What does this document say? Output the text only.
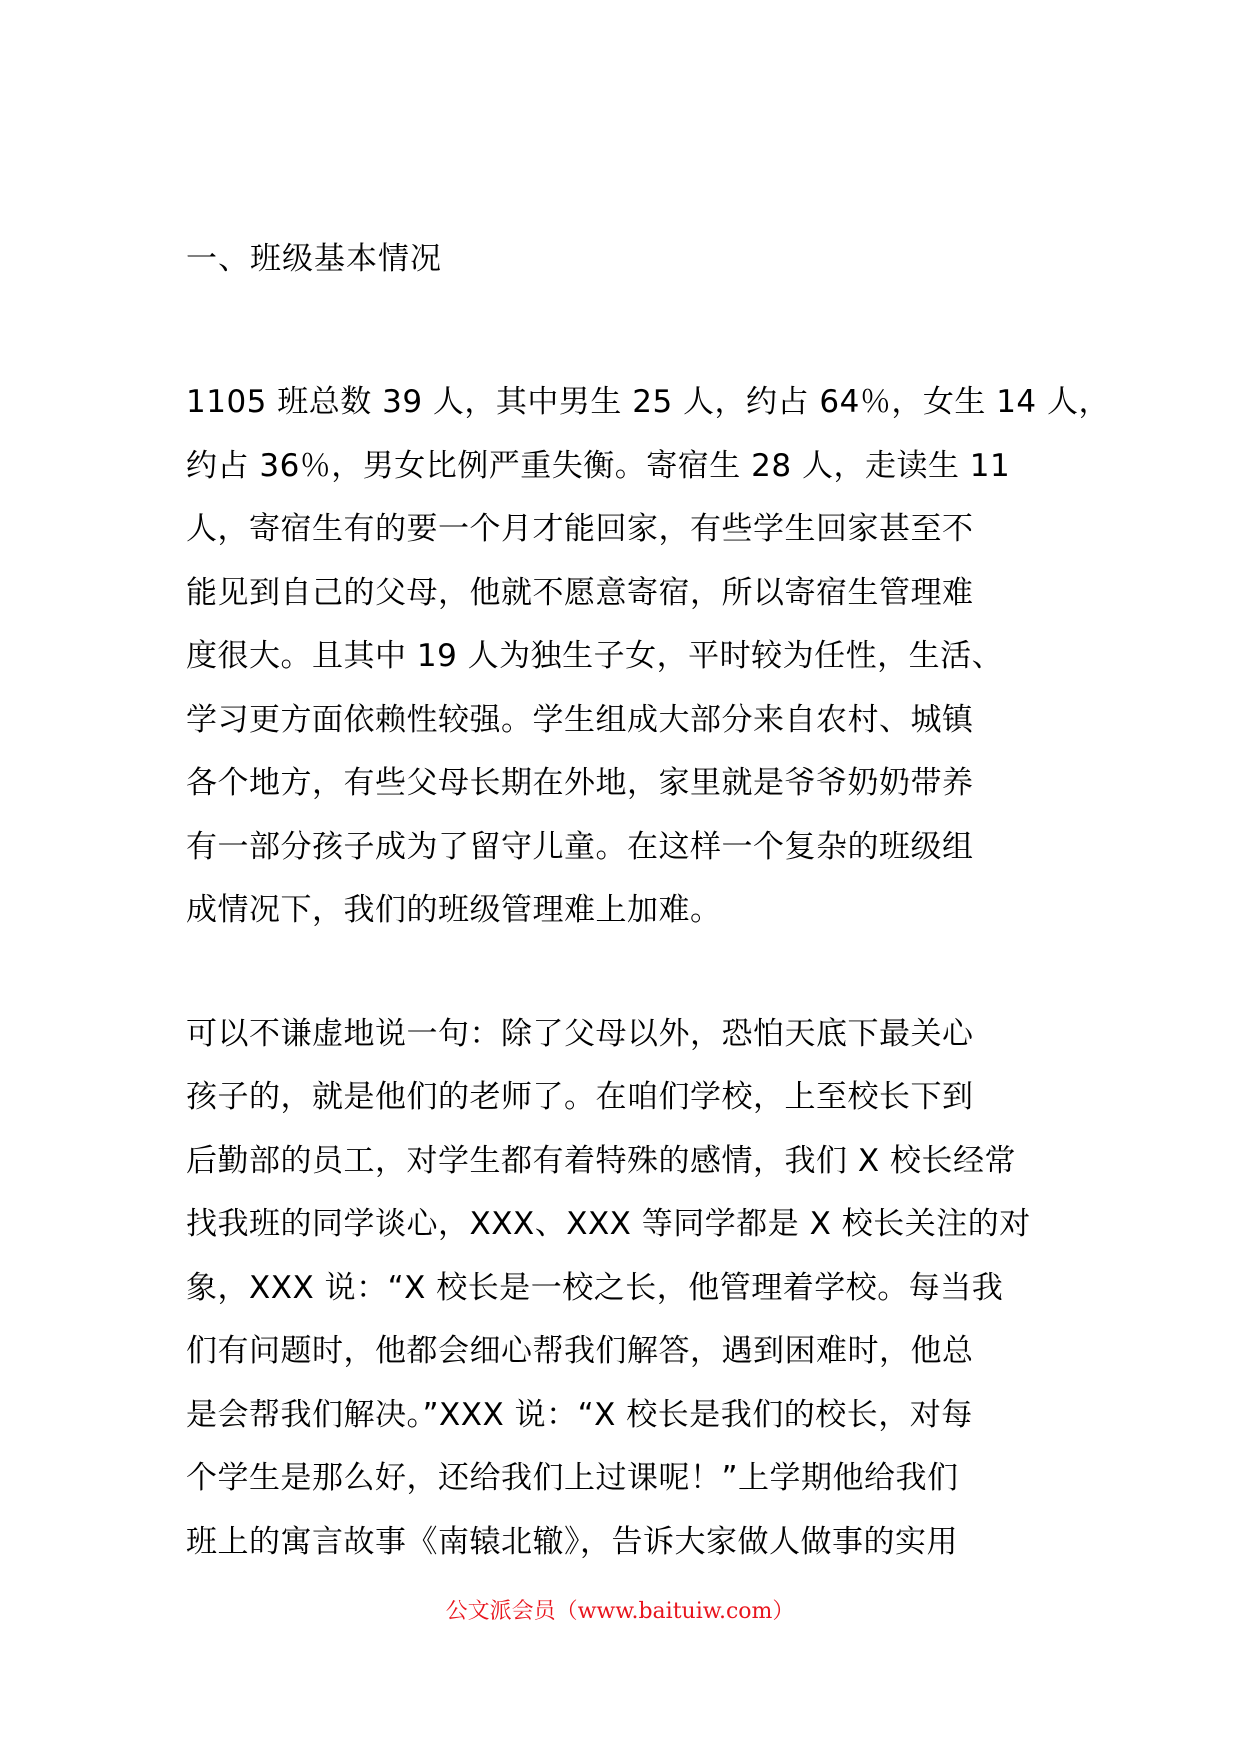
一、班级基本情况

1105 班总数 39 人，其中男生 25 人，约占 64％，女生 14 人，
约占 36％，男女比例严重失衡。寄宿生 28 人，走读生 11
人，寄宿生有的要一个月才能回家，有些学生回家甚至不
能见到自己的父母，他就不愿意寄宿，所以寄宿生管理难
度很大。且其中 19 人为独生子女，平时较为任性，生活、
学习更方面依赖性较强。学生组成大部分来自农村、城镇
各个地方，有些父母长期在外地，家里就是爷爷奶奶带养
有一部分孩子成为了留守儿童。在这样一个复杂的班级组
成情况下，我们的班级管理难上加难。

可以不谦虚地说一句：除了父母以外，恐怕天底下最关心
孩子的，就是他们的老师了。在咱们学校，上至校长下到
后勤部的员工，对学生都有着特殊的感情，我们 X 校长经常
找我班的同学谈心，XXX、XXX 等同学都是 X 校长关注的对
象，XXX 说：“X 校长是一校之长，他管理着学校。每当我
们有问题时，他都会细心帮我们解答，遇到困难时，他总
是会帮我们解决。”XXX 说：“X 校长是我们的校长，对每
个学生是那么好，还给我们上过课呢！”上学期他给我们
班上的寓言故事《南辕北辙》，告诉大家做人做事的实用

公文派会员（www.baituiw.com）
